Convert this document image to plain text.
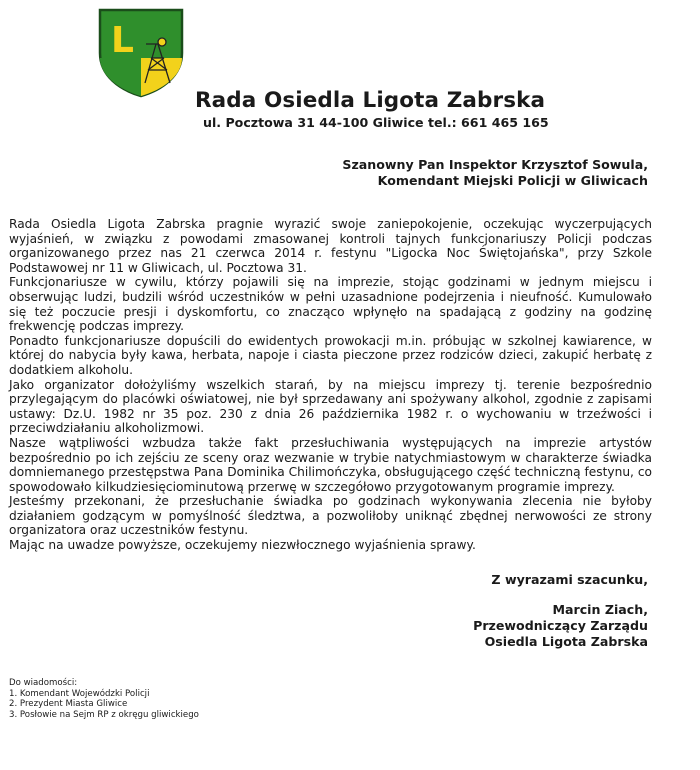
L
Rada Osiedla Ligota Zabrska
ul. Pocztowa 31 44-100 Gliwice tel.: 661 465 165
Szanowny Pan Inspektor Krzysztof Sowula,
Komendant Miejski Policji w Gliwicach

Rada Osiedla Ligota Zabrska pragnie wyrazić swoje zaniepokojenie, oczekując wyczerpujących wyjaśnień, w związku z powodami zmasowanej kontroli tajnych funkcjonariuszy Policji podczas organizowanego przez nas 21 czerwca 2014 r. festynu "Ligocka Noc Świętojańska", przy Szkole Podstawowej nr 11 w Gliwicach, ul. Pocztowa 31.

Funkcjonariusze w cywilu, którzy pojawili się na imprezie, stojąc godzinami w jednym miejscu i obserwując ludzi, budzili wśród uczestników w pełni uzasadnione podejrzenia i nieufność. Kumulowało się też poczucie presji i dyskomfortu, co znacząco wpłynęło na spadającą z godziny na godzinę frekwencję podczas imprezy.

Ponadto funkcjonariusze dopuścili do ewidentych prowokacji m.in. próbując w szkolnej kawiarence, w której do nabycia były kawa, herbata, napoje i ciasta pieczone przez rodziców dzieci, zakupić herbatę z dodatkiem alkoholu.

Jako organizator dołożyliśmy wszelkich starań, by na miejscu imprezy tj. terenie bezpośrednio przylegającym do placówki oświatowej, nie był sprzedawany ani spożywany alkohol, zgodnie z zapisami ustawy: Dz.U. 1982 nr 35 poz. 230 z dnia 26 października 1982 r. o wychowaniu w trzeźwości i przeciwdziałaniu alkoholizmowi.

Nasze wątpliwości wzbudza także fakt przesłuchiwania występujących na imprezie artystów bezpośrednio po ich zejściu ze sceny oraz wezwanie w trybie natychmiastowym w charakterze świadka domniemanego przestępstwa Pana Dominika Chilimończyka, obsługującego część techniczną festynu, co spowodowało kilkudziesięciominutową przerwę w szczegółowo przygotowanym programie imprezy.

Jesteśmy przekonani, że przesłuchanie świadka po godzinach wykonywania zlecenia nie byłoby działaniem godzącym w pomyślność śledztwa, a pozwoliłoby uniknąć zbędnej nerwowości ze strony organizatora oraz uczestników festynu.

Mając na uwadze powyższe, oczekujemy niezwłocznego wyjaśnienia sprawy.

Z wyrazami szacunku,
Marcin Ziach,
Przewodniczący Zarządu
Osiedla Ligota Zabrska
Do wiadomości:
1. Komendant Wojewódzki Policji
2. Prezydent Miasta Gliwice
3. Posłowie na Sejm RP z okręgu gliwickiego
